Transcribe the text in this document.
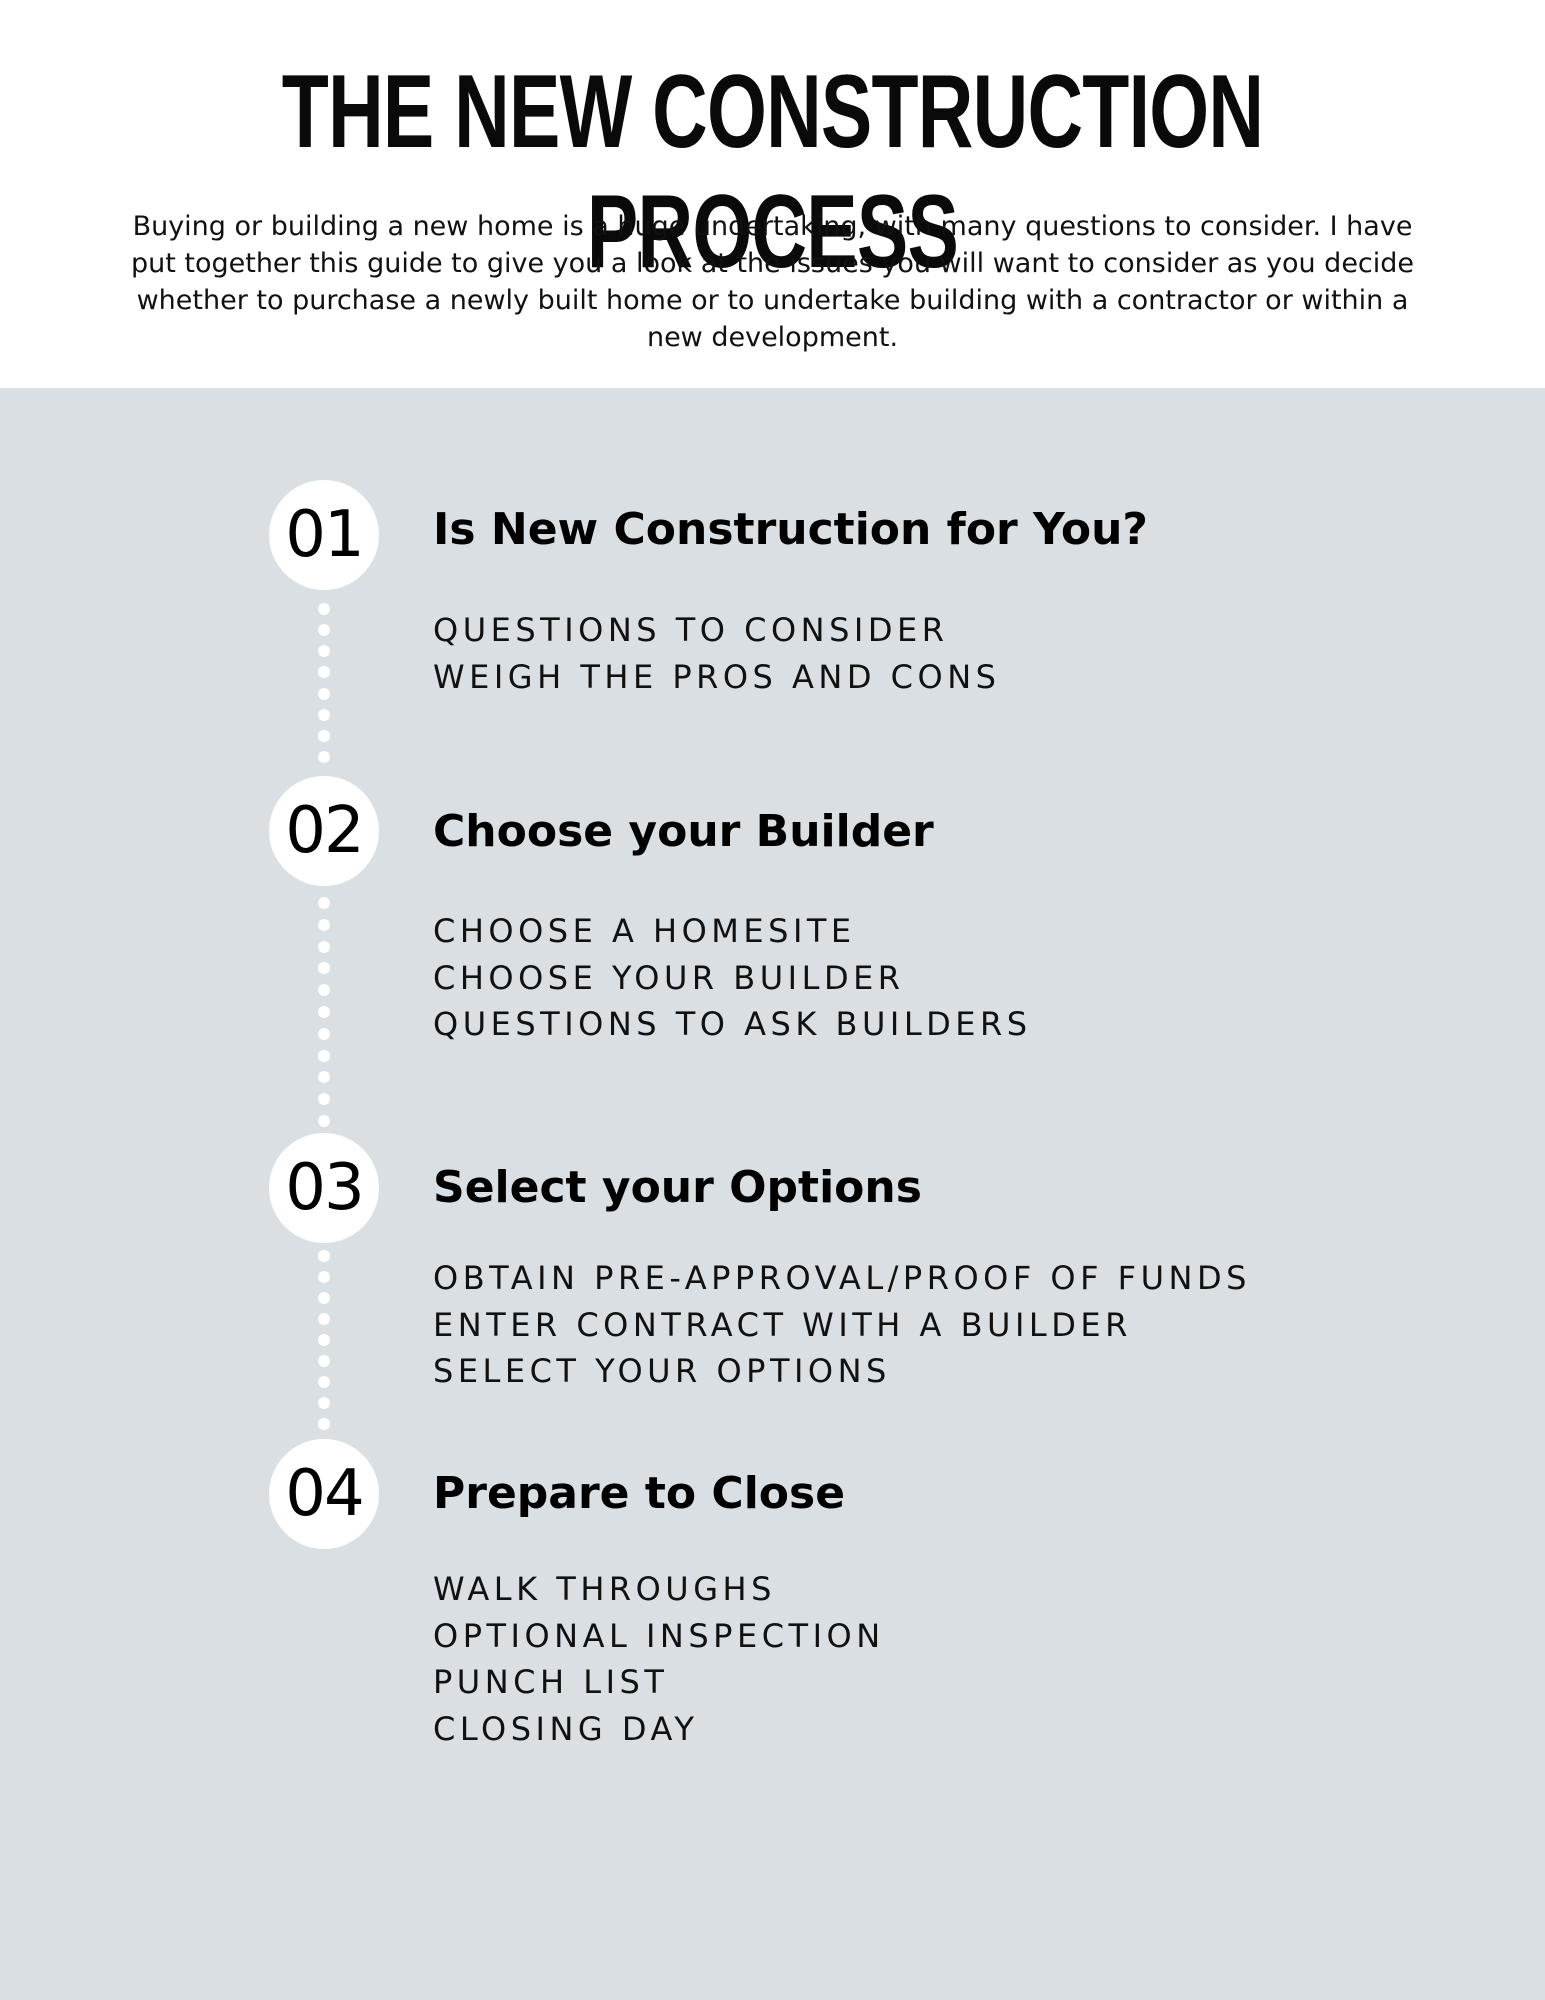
THE NEW CONSTRUCTION PROCESS

Buying or building a new home is a huge undertaking, with many questions to consider. I have put together this guide to give you a look at the issues you will want to consider as you decide whether to purchase a newly built home or to undertake building with a contractor or within a new development.

01	Is New Construction for You?
QUESTIONS TO CONSIDER
WEIGH THE PROS AND CONS
02	Choose your Builder
CHOOSE A HOMESITE
CHOOSE YOUR BUILDER
QUESTIONS TO ASK BUILDERS
03	Select your Options
OBTAIN PRE-APPROVAL/PROOF OF FUNDS
ENTER CONTRACT WITH A BUILDER
SELECT YOUR OPTIONS
04	Prepare to Close
WALK THROUGHS
OPTIONAL INSPECTION
PUNCH LIST
CLOSING DAY
